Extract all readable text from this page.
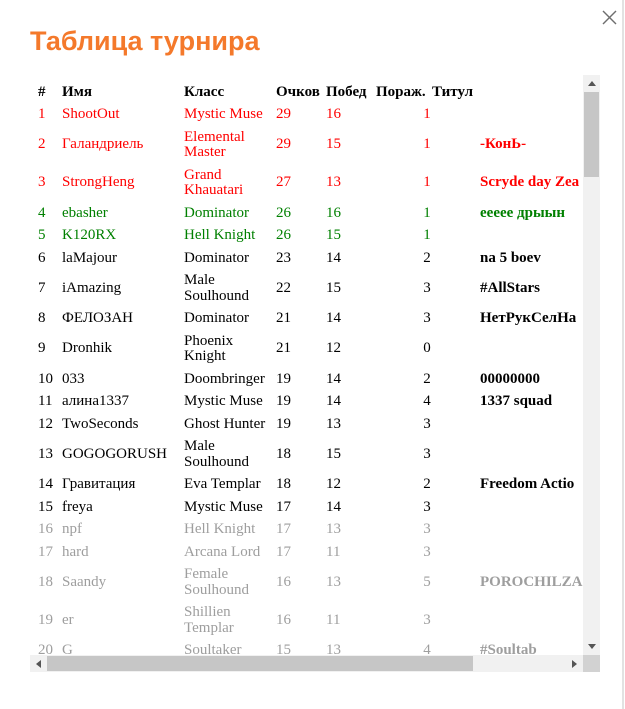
Таблица турнира
#	Имя	Класс	Очков	Побед	Пораж.	Титул
1	ShootOut	Mystic Muse	29	16	1	
2	Галандриель	Elemental Master	29	15	1	-КонЬ-
3	StrongHeng	Grand Khauatari	27	13	1	Scryde day Zea
4	ebasher	Dominator	26	16	1	еееее дрыын
5	K120RX	Hell Knight	26	15	1	
6	laMajour	Dominator	23	14	2	na 5 boev
7	iAmazing	Male Soulhound	22	15	3	#AllStars
8	ФЕЛОЗАН	Dominator	21	14	3	НетРукСелНа
9	Dronhik	Phoenix Knight	21	12	0	
10	033	Doombringer	19	14	2	00000000
11	алина1337	Mystic Muse	19	14	4	1337 squad
12	TwoSeconds	Ghost Hunter	19	13	3	
13	GOGOGORUSH	Male Soulhound	18	15	3	
14	Гравитация	Eva Templar	18	12	2	Freedom Actio
15	freya	Mystic Muse	17	14	3	
16	npf	Hell Knight	17	13	3	
17	hard	Arcana Lord	17	11	3	
18	Saandy	Female Soulhound	16	13	5	POROCHILZA
19	er	Shillien Templar	16	11	3	
20	G	Soultaker	15	13	4	#Soultab
